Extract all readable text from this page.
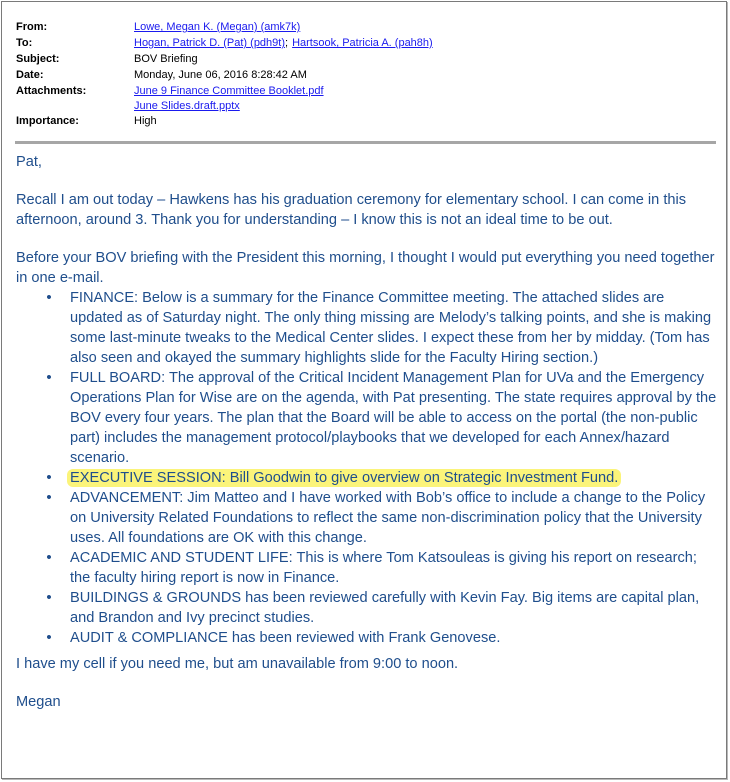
From:	Lowe, Megan K. (Megan) (amk7k)
To:	Hogan, Patrick D. (Pat) (pdh9t); Hartsook, Patricia A. (pah8h)
Subject:	BOV Briefing
Date:	Monday, June 06, 2016 8:28:42 AM
Attachments:	June 9 Finance Committee Booklet.pdf
June Slides.draft.pptx
Importance:	High

Pat,

Recall I am out today – Hawkens has his graduation ceremony for elementary school. I can come in this afternoon, around 3. Thank you for understanding – I know this is not an ideal time to be out.

Before your BOV briefing with the President this morning, I thought I would put everything you need together in one e-mail.

• FINANCE: Below is a summary for the Finance Committee meeting. The attached slides are updated as of Saturday night. The only thing missing are Melody’s talking points, and she is making some last-minute tweaks to the Medical Center slides. I expect these from her by midday. (Tom has also seen and okayed the summary highlights slide for the Faculty Hiring section.)
• FULL BOARD: The approval of the Critical Incident Management Plan for UVa and the Emergency Operations Plan for Wise are on the agenda, with Pat presenting. The state requires approval by the BOV every four years. The plan that the Board will be able to access on the portal (the non-public part) includes the management protocol/playbooks that we developed for each Annex/hazard scenario.
• EXECUTIVE SESSION: Bill Goodwin to give overview on Strategic Investment Fund.
• ADVANCEMENT: Jim Matteo and I have worked with Bob’s office to include a change to the Policy on University Related Foundations to reflect the same non-discrimination policy that the University uses. All foundations are OK with this change.
• ACADEMIC AND STUDENT LIFE: This is where Tom Katsouleas is giving his report on research; the faculty hiring report is now in Finance.
• BUILDINGS & GROUNDS has been reviewed carefully with Kevin Fay. Big items are capital plan, and Brandon and Ivy precinct studies.
• AUDIT & COMPLIANCE has been reviewed with Frank Genovese.

I have my cell if you need me, but am unavailable from 9:00 to noon.

Megan
